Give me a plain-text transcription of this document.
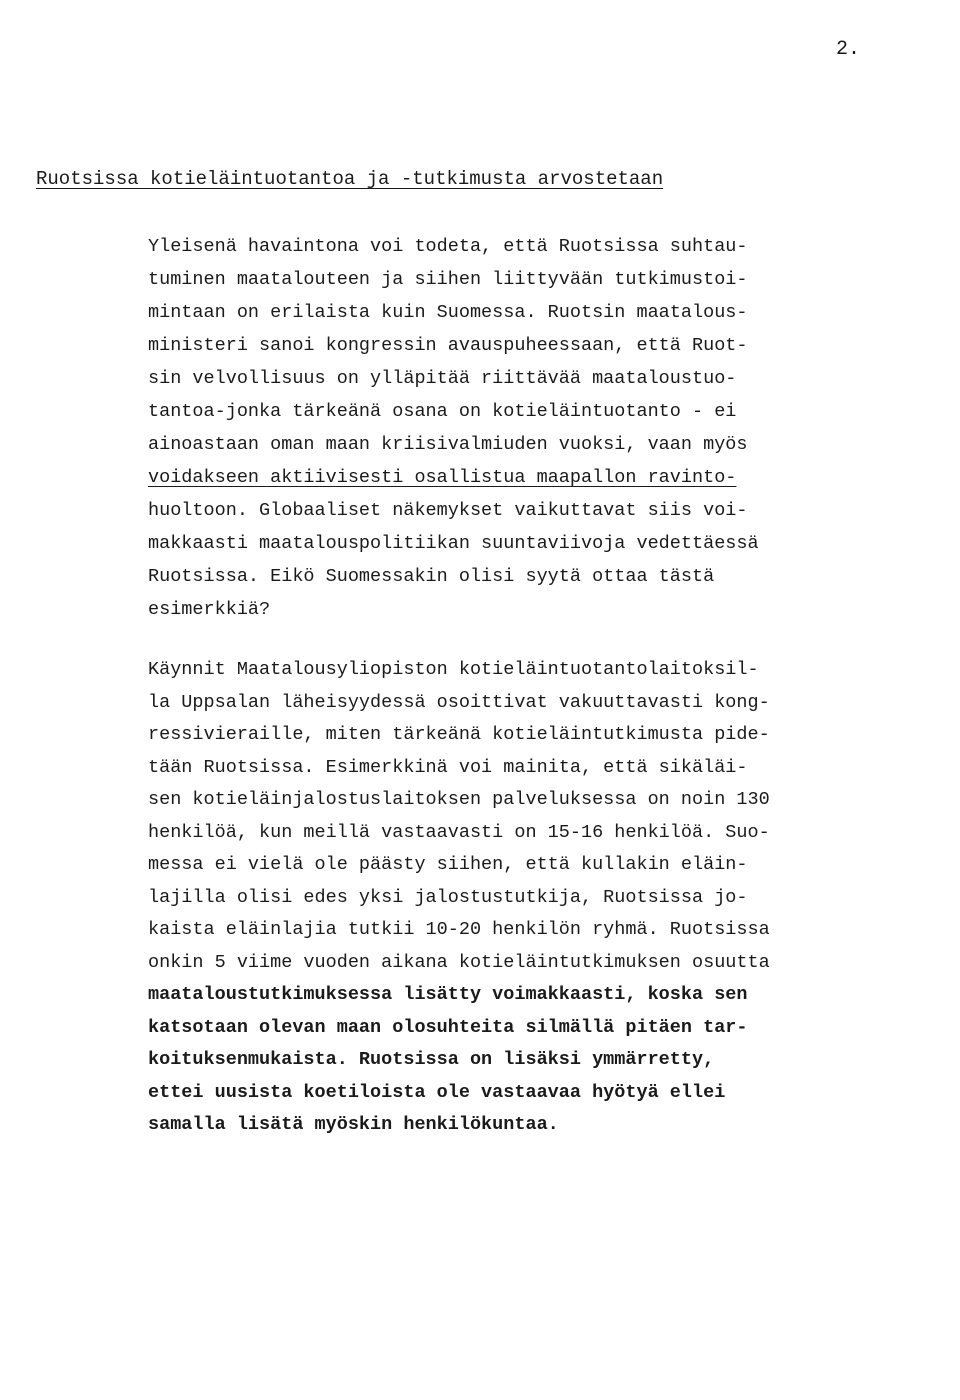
2.
Ruotsissa kotieläintuotantoa ja -tutkimusta arvostetaan
Yleisenä havaintona voi todeta, että Ruotsissa suhtau-
tuminen maatalouteen ja siihen liittyvään tutkimustoi-
mintaan on erilaista kuin Suomessa. Ruotsin maatalous-
ministeri sanoi kongressin avauspuheessaan, että Ruot-
sin velvollisuus on ylläpitää riittävää maataloustuo-
tantoa-jonka tärkeänä osana on kotieläintuotanto - ei
ainoastaan oman maan kriisivalmiuden vuoksi, vaan myös
voidakseen aktiivisesti osallistua maapallon ravinto-
huoltoon. Globaaliset näkemykset vaikuttavat siis voi-
makkaasti maatalouspolitiikan suuntaviivoja vedettäessä
Ruotsissa. Eikö Suomessakin olisi syytä ottaa tästä
esimerkkiä?
Käynnit Maatalousyliopiston kotieläintuotantolaitoksil-
la Uppsalan läheisyydessä osoittivat vakuuttavasti kong-
ressivieraille, miten tärkeänä kotieläintutkimusta pide-
tään Ruotsissa. Esimerkkinä voi mainita, että sikäläi-
sen kotieläinjalostuslaitoksen palveluksessa on noin 130
henkilöä, kun meillä vastaavasti on 15-16 henkilöä. Suo-
messa ei vielä ole päästy siihen, että kullakin eläin-
lajilla olisi edes yksi jalostustutkija, Ruotsissa jo-
kaista eläinlajia tutkii 10-20 henkilön ryhmä. Ruotsissa
onkin 5 viime vuoden aikana kotieläintutkimuksen osuutta
maataloustutkimuksessa lisätty voimakkaasti, koska sen
katsotaan olevan maan olosuhteita silmällä pitäen tar-
koituksenmukaista. Ruotsissa on lisäksi ymmärretty,
ettei uusista koetiloista ole vastaavaa hyötyä ellei
samalla lisätä myöskin henkilökuntaa.
